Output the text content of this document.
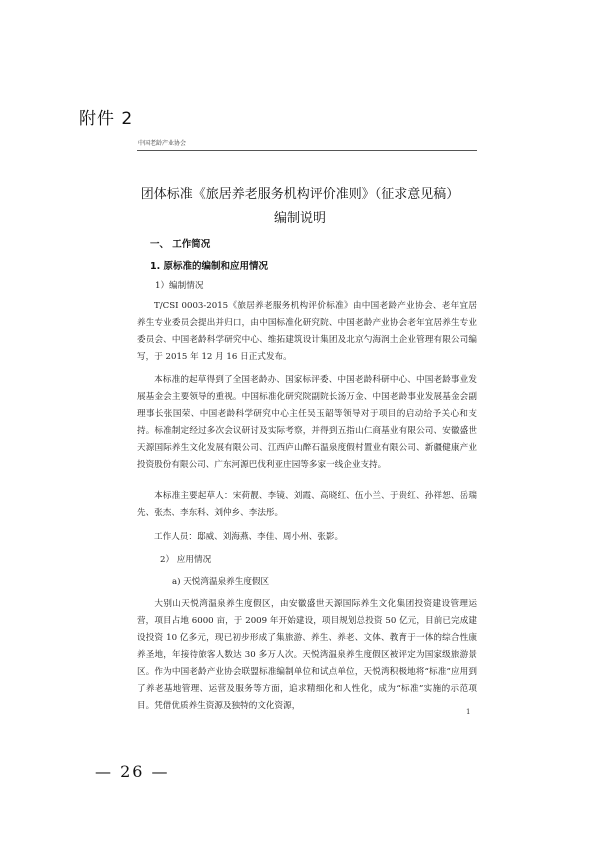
附件 2
中国老龄产业协会
团体标准《旅居养老服务机构评价准则》（征求意见稿）
编制说明
一、 工作简况
1. 原标准的编制和应用情况
1）编制情况

T/CSI 0003-2015《旅居养老服务机构评价标准》由中国老龄产业协会、老年宜居养生专业委员会提出并归口，由中国标准化研究院、中国老龄产业协会老年宜居养生专业委员会、中国老龄科学研究中心、维拓建筑设计集团及北京勺海润土企业管理有限公司编写，于 2015 年 12 月 16 日正式发布。

本标准的起草得到了全国老龄办、国家标评委、中国老龄科研中心、中国老龄事业发展基金会主要领导的重视。中国标准化研究院副院长汤万金、中国老龄事业发展基金会副理事长张国荣、中国老龄科学研究中心主任吴玉韶等领导对于项目的启动给予关心和支持。标准制定经过多次会议研讨及实际考察，并得到五指山仁商基业有限公司、安徽盛世天源国际养生文化发展有限公司、江西庐山醉石温泉度假村置业有限公司、新疆健康产业投资股份有限公司、广东河源巴伐利亚庄园等多家一线企业支持。

本标准主要起草人：宋荷靓、李镜、刘霞、高晓红、伍小兰、于贵红、孙祥恕、岳瑞先、张杰、李东科、刘仲乡、李法彤。

工作人员：邸威、刘海燕、李佳、周小州、张影。

2） 应用情况
a) 天悦湾温泉养生度假区

大别山天悦湾温泉养生度假区，由安徽盛世天源国际养生文化集团投资建设管理运营，项目占地 6000 亩，于 2009 年开始建设，项目规划总投资 50 亿元，目前已完成建设投资 10 亿多元，现已初步形成了集旅游、养生、养老、文体、教育于一体的综合性康养圣地，年接待旅客人数达 30 多万人次。天悦湾温泉养生度假区被评定为国家级旅游景区。作为中国老龄产业协会联盟标准编制单位和试点单位，天悦湾积极地将“标准”应用到了养老基地管理、运营及服务等方面，追求精细化和人性化，成为“标准”实施的示范项目。凭借优质养生资源及独特的文化资源，

1
— 26 —
